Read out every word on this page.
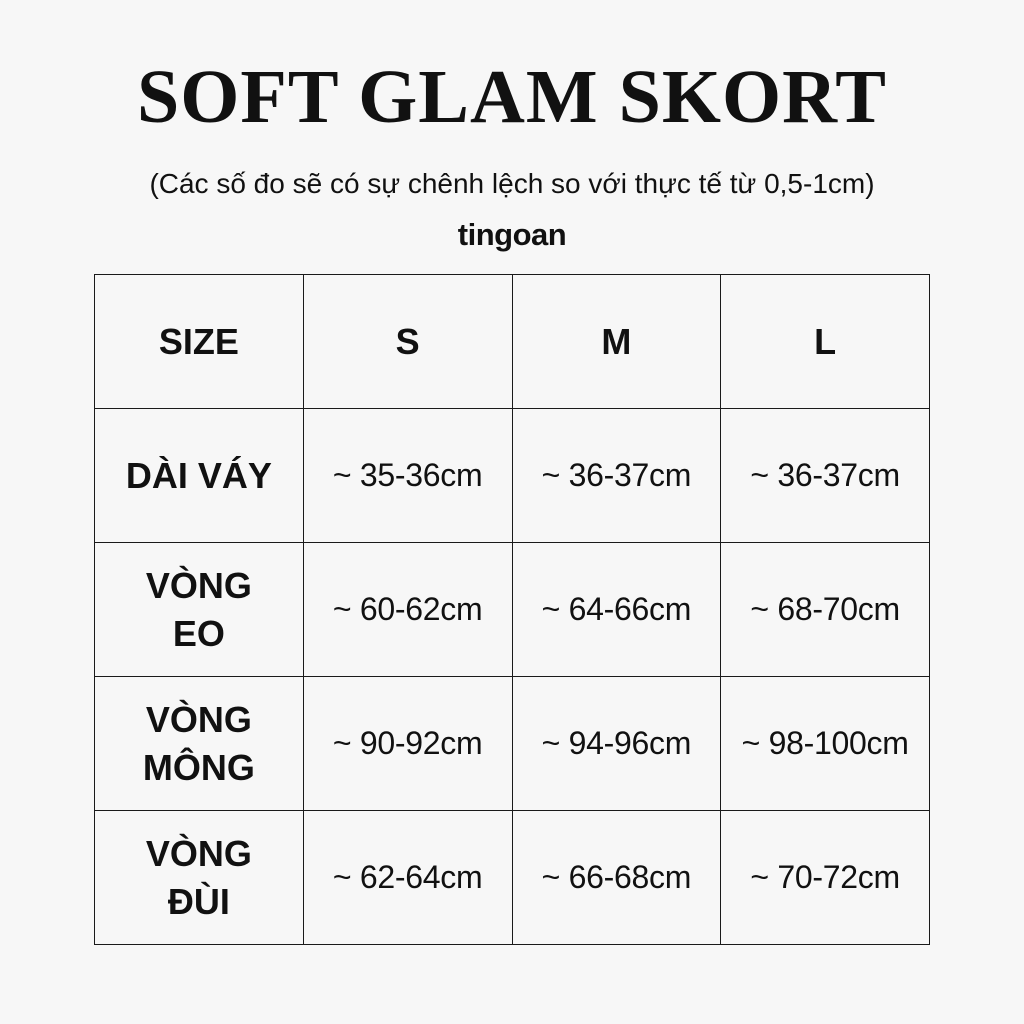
SOFT GLAM SKORT
(Các số đo sẽ có sự chênh lệch so với thực tế từ 0,5-1cm)
tingoan
SIZE	S	M	L
DÀI VÁY	~ 35-36cm	~ 36-37cm	~ 36-37cm

VÒNG
EO	~ 60-62cm	~ 64-66cm	~ 68-70cm

VÒNG
MÔNG	~ 90-92cm	~ 94-96cm	~ 98-100cm

VÒNG
ĐÙI	~ 62-64cm	~ 66-68cm	~ 70-72cm
